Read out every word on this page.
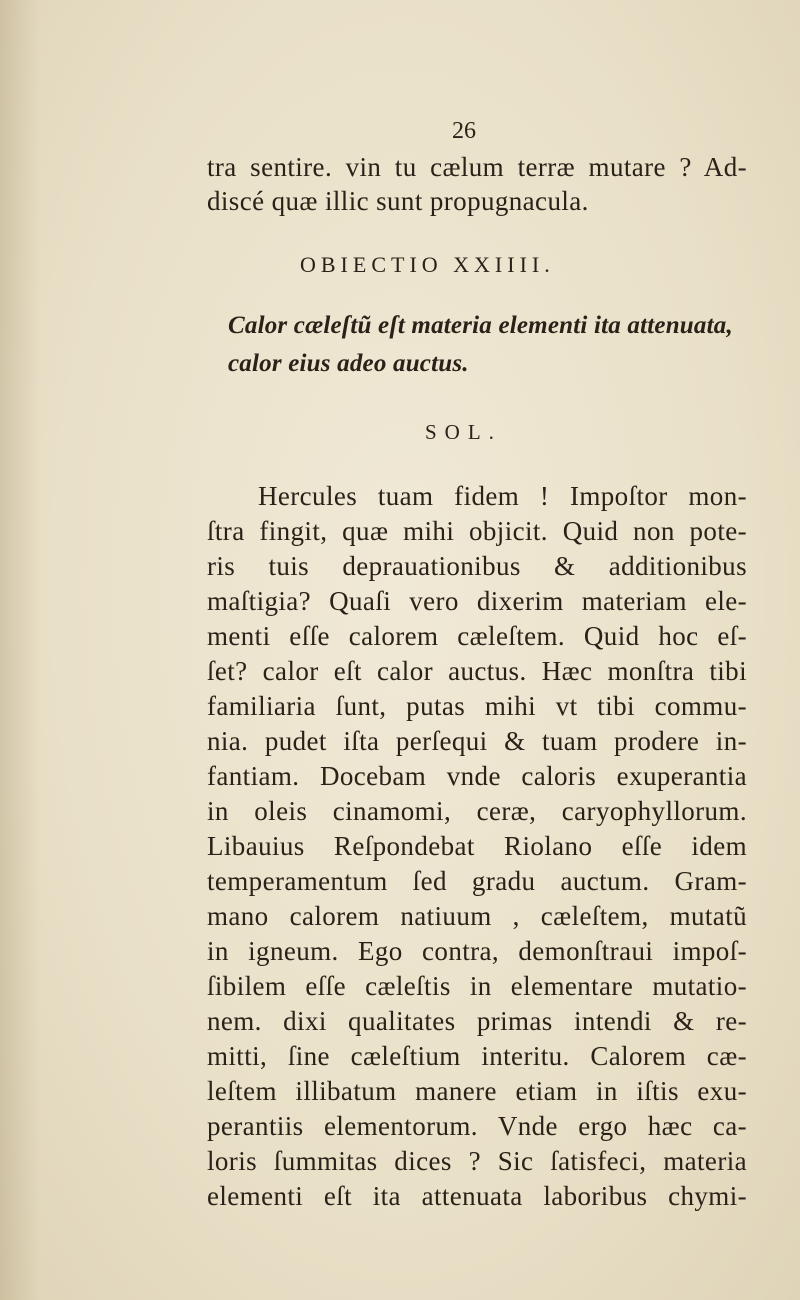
26
tra sentire. vin tu cælum terræ mutare ? Ad-
discé quæ illic sunt propugnacula.
OBIECTIO XXIIII.
Calor cæleſtũ eſt materia elementi ita attenuata,
calor eius adeo auctus.
SOL.
Hercules tuam fidem ! Impoſtor mon-
ſtra fingit, quæ mihi objicit. Quid non pote-
ris tuis deprauationibus & additionibus
maſtigia? Quaſi vero dixerim materiam ele-
menti eſſe calorem cæleſtem. Quid hoc eſ-
ſet? calor eſt calor auctus. Hæc monſtra tibi
familiaria ſunt, putas mihi vt tibi commu-
nia. pudet iſta perſequi & tuam prodere in-
fantiam. Docebam vnde caloris exuperantia
in oleis cinamomi, ceræ, caryophyllorum.
Libauius Reſpondebat Riolano eſſe idem
temperamentum ſed gradu auctum. Gram-
mano calorem natiuum , cæleſtem, mutatũ
in igneum. Ego contra, demonſtraui impoſ-
ſibilem eſſe cæleſtis in elementare mutatio-
nem. dixi qualitates primas intendi & re-
mitti, ſine cæleſtium interitu. Calorem cæ-
leſtem illibatum manere etiam in iſtis exu-
perantiis elementorum. Vnde ergo hæc ca-
loris ſummitas dices ? Sic ſatisfeci, materia
elementi eſt ita attenuata laboribus chymi-
